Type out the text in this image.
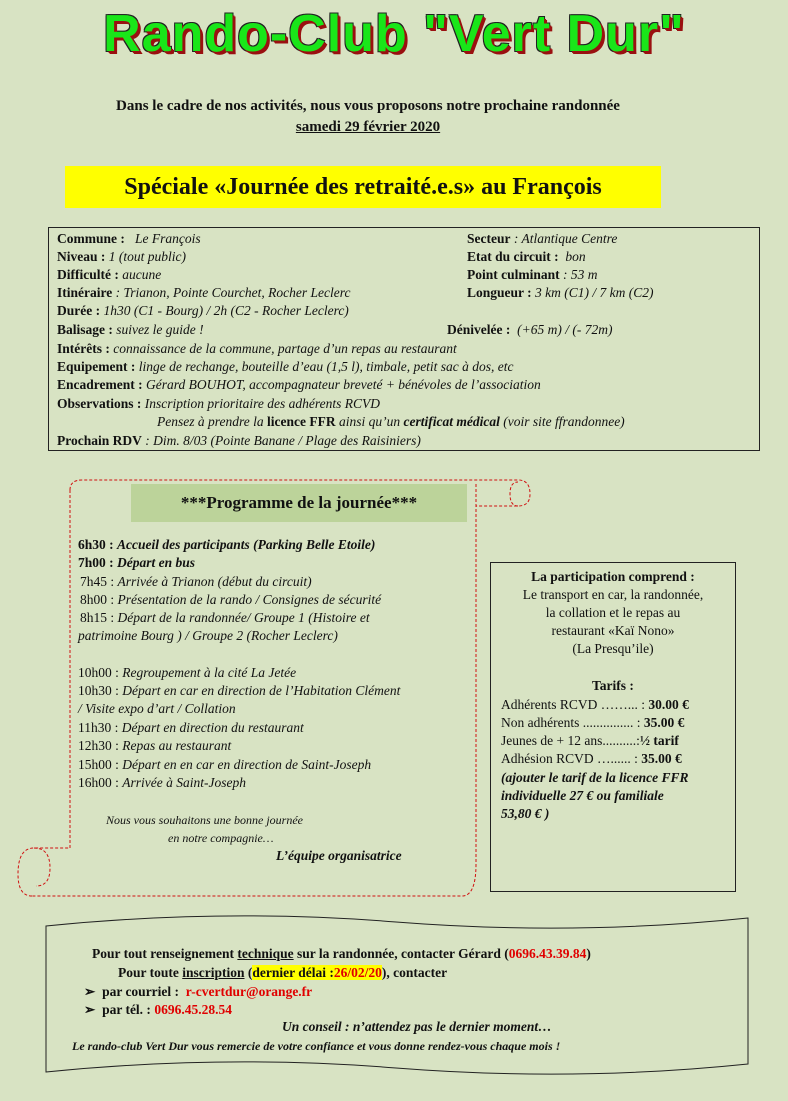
Rando-Club "Vert Dur"
Dans le cadre de nos activités, nous vous proposons notre prochaine randonnée
samedi 29 février 2020
Spéciale «Journée des retraité.e.s» au François
Commune : Le François	Secteur : Atlantique Centre
Niveau : 1 (tout public)	Etat du circuit : bon
Difficulté : aucune	Point culminant : 53 m
Itinéraire : Trianon, Pointe Courchet, Rocher Leclerc	Longueur : 3 km (C1) / 7 km (C2)
Durée : 1h30 (C1 - Bourg) / 2h (C2 - Rocher Leclerc)
Balisage : suivez le guide !	Dénivelée : (+65 m) / (- 72m)
Intérêts : connaissance de la commune, partage d’un repas au restaurant
Equipement : linge de rechange, bouteille d’eau (1,5 l), timbale, petit sac à dos, etc
Encadrement : Gérard BOUHOT, accompagnateur breveté + bénévoles de l’association
Observations : Inscription prioritaire des adhérents RCVD
Pensez à prendre la licence FFR ainsi qu’un certificat médical (voir site ffrandonnee)
Prochain RDV : Dim. 8/03 (Pointe Banane / Plage des Raisiniers)
***Programme de la journée***
6h30 : Accueil des participants (Parking Belle Etoile)
7h00 : Départ en bus
7h45 : Arrivée à Trianon (début du circuit)
8h00 : Présentation de la rando / Consignes de sécurité
8h15 : Départ de la randonnée/ Groupe 1 (Histoire et
patrimoine Bourg ) / Groupe 2 (Rocher Leclerc)
10h00 : Regroupement à la cité La Jetée
10h30 : Départ en car en direction de l’Habitation Clément
/ Visite expo d’art / Collation
11h30 : Départ en direction du restaurant
12h30 : Repas au restaurant
15h00 : Départ en en car en direction de Saint-Joseph
16h00 : Arrivée à Saint-Joseph
Nous vous souhaitons une bonne journée
en notre compagnie…
L’équipe organisatrice
La participation comprend :
Le transport en car, la randonnée,
la collation et le repas au
restaurant «Kaï Nono»
(La Presqu’ile)
Tarifs :
Adhérents RCVD ……... : 30.00 €
Non adhérents ............... : 35.00 €
Jeunes de + 12 ans..........:½ tarif
Adhésion RCVD …...... : 35.00 €
(ajouter le tarif de la licence FFR
individuelle 27 € ou familiale
53,80 € )
Pour tout renseignement technique sur la randonnée, contacter Gérard (0696.43.39.84)
Pour toute inscription (dernier délai :26/02/20), contacter
➢ par courriel : r-cvertdur@orange.fr
➢ par tél. : 0696.45.28.54
Un conseil : n’attendez pas le dernier moment…
Le rando-club Vert Dur vous remercie de votre confiance et vous donne rendez-vous chaque mois !
